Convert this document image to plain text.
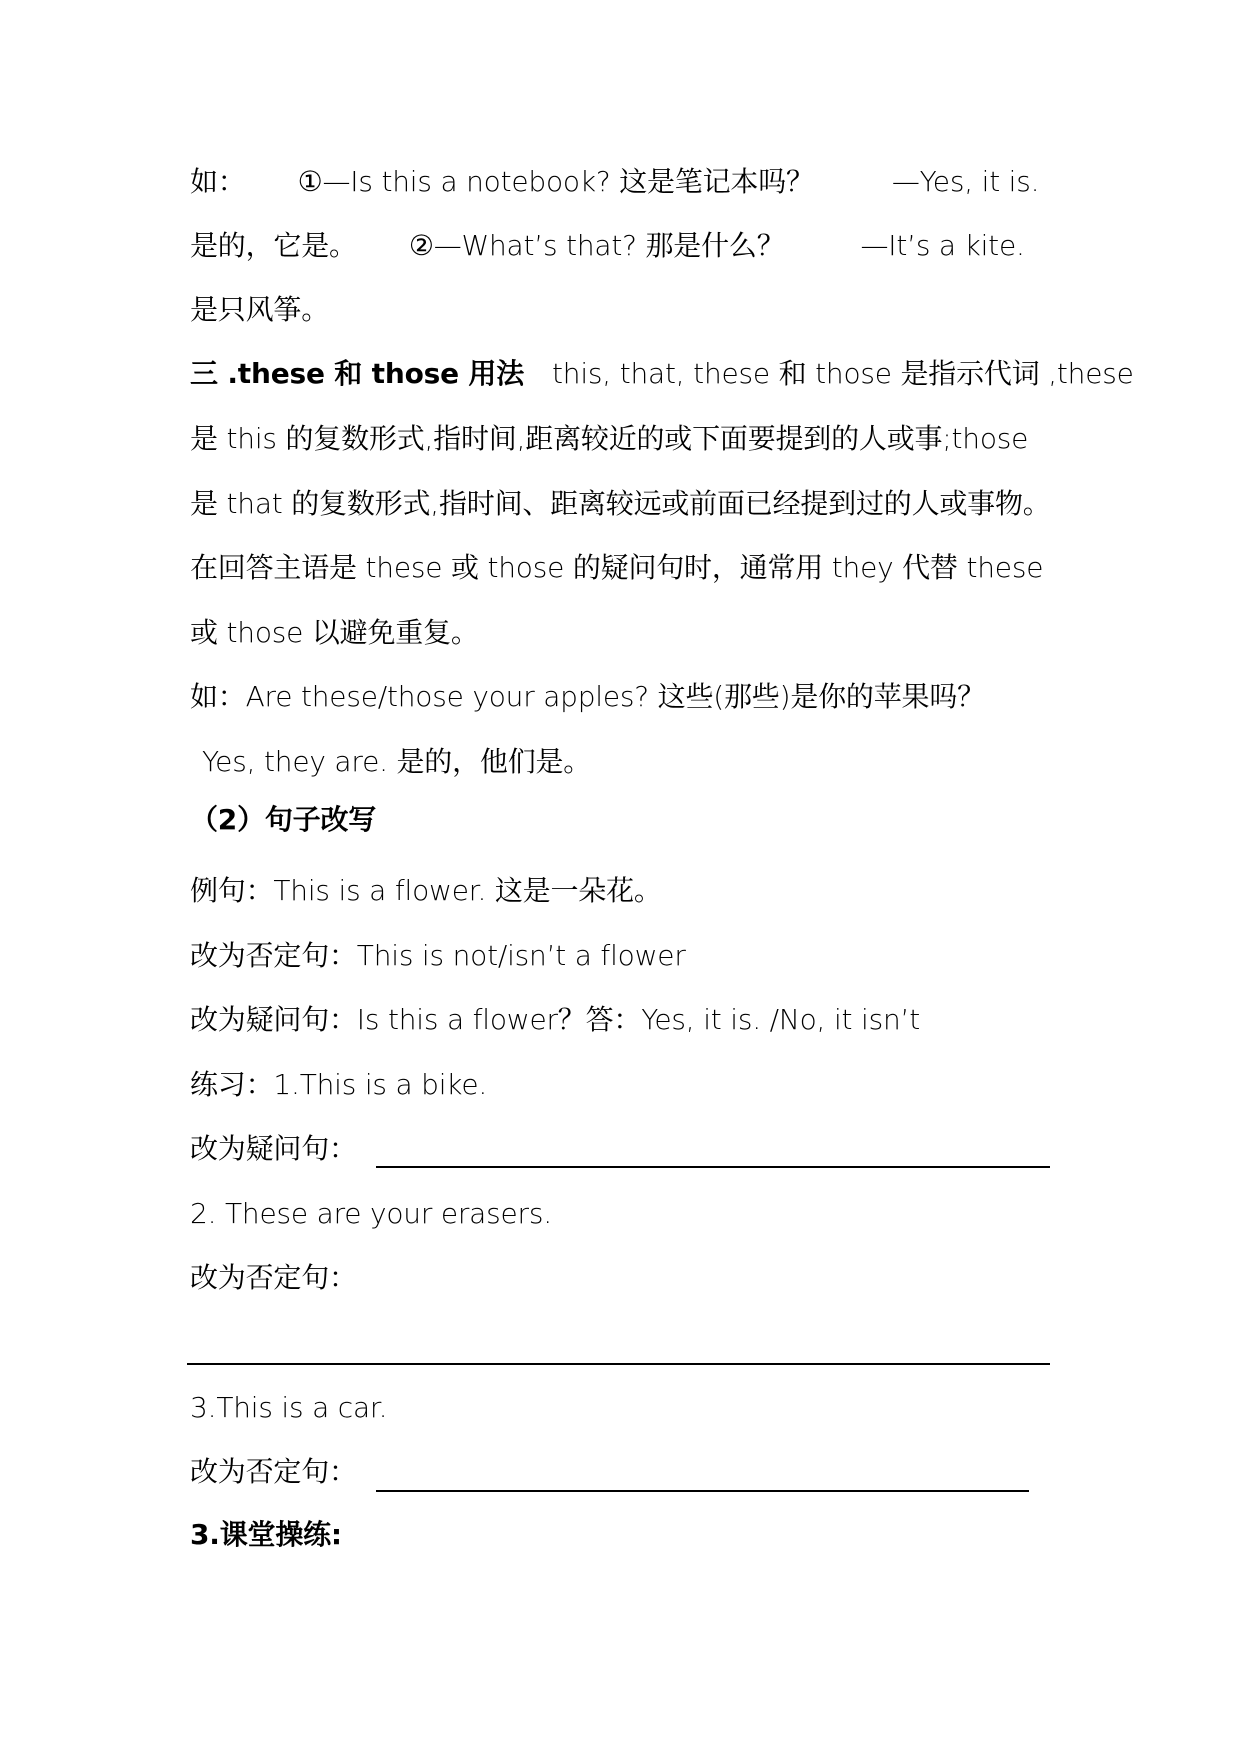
如： ①—Is this a notebook? 这是笔记本吗？	—Yes, it is.
是的，它是。 ②—What’s that? 那是什么？	—It’s a kite.
是只风筝。
三 .these 和 those 用法 this, that, these 和 those 是指示代词 ,these
是 this 的复数形式,指时间,距离较近的或下面要提到的人或事;those
是 that 的复数形式,指时间、距离较远或前面已经提到过的人或事物。
在回答主语是 these 或 those 的疑问句时，通常用 they 代替 these
或 those 以避免重复。
如：Are these/those your apples? 这些(那些)是你的苹果吗？
Yes, they are. 是的，他们是。
（2）句子改写
例句：This is a flower. 这是一朵花。
改为否定句：This is not/isn’t a flower
改为疑问句：Is this a flower？答：Yes, it is. /No, it isn’t
练习：1.This is a bike.
改为疑问句：
2. These are your erasers.
改为否定句：
3.This is a car.
改为否定句：
3.课堂操练:
